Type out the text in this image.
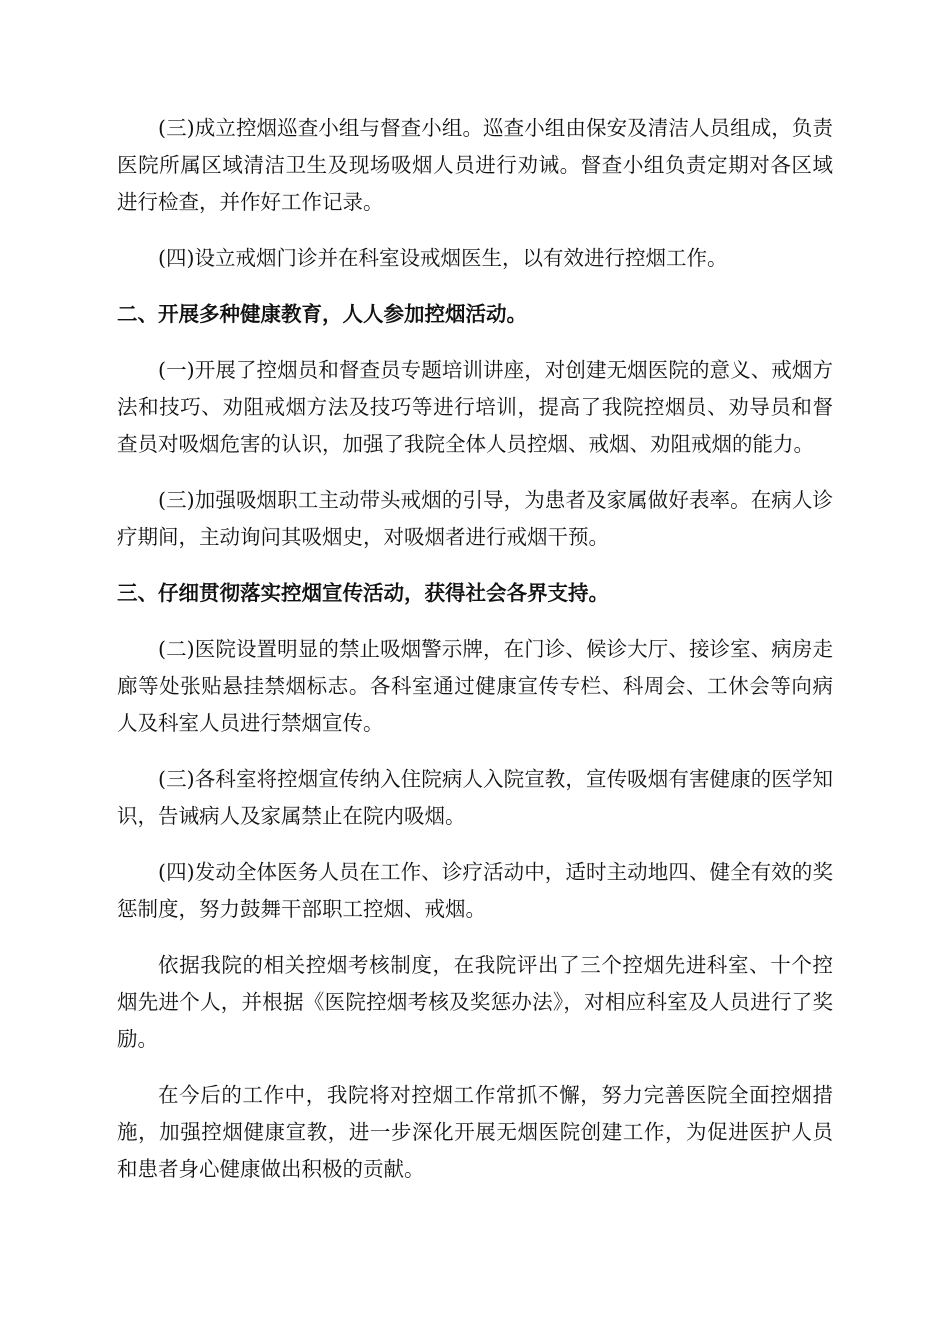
(三)成立控烟巡查小组与督查小组。巡查小组由保安及清洁人员组成，负责医院所属区域清洁卫生及现场吸烟人员进行劝诫。督查小组负责定期对各区域进行检查，并作好工作记录。

(四)设立戒烟门诊并在科室设戒烟医生，以有效进行控烟工作。

二、开展多种健康教育，人人参加控烟活动。

(一)开展了控烟员和督查员专题培训讲座，对创建无烟医院的意义、戒烟方法和技巧、劝阻戒烟方法及技巧等进行培训，提高了我院控烟员、劝导员和督查员对吸烟危害的认识，加强了我院全体人员控烟、戒烟、劝阻戒烟的能力。

(三)加强吸烟职工主动带头戒烟的引导，为患者及家属做好表率。在病人诊疗期间，主动询问其吸烟史，对吸烟者进行戒烟干预。

三、仔细贯彻落实控烟宣传活动，获得社会各界支持。

(二)医院设置明显的禁止吸烟警示牌，在门诊、候诊大厅、接诊室、病房走廊等处张贴悬挂禁烟标志。各科室通过健康宣传专栏、科周会、工休会等向病人及科室人员进行禁烟宣传。

(三)各科室将控烟宣传纳入住院病人入院宣教，宣传吸烟有害健康的医学知识，告诫病人及家属禁止在院内吸烟。

(四)发动全体医务人员在工作、诊疗活动中，适时主动地四、健全有效的奖惩制度，努力鼓舞干部职工控烟、戒烟。

依据我院的相关控烟考核制度，在我院评出了三个控烟先进科室、十个控烟先进个人，并根据《医院控烟考核及奖惩办法》，对相应科室及人员进行了奖励。

在今后的工作中，我院将对控烟工作常抓不懈，努力完善医院全面控烟措施，加强控烟健康宣教，进一步深化开展无烟医院创建工作，为促进医护人员和患者身心健康做出积极的贡献。
